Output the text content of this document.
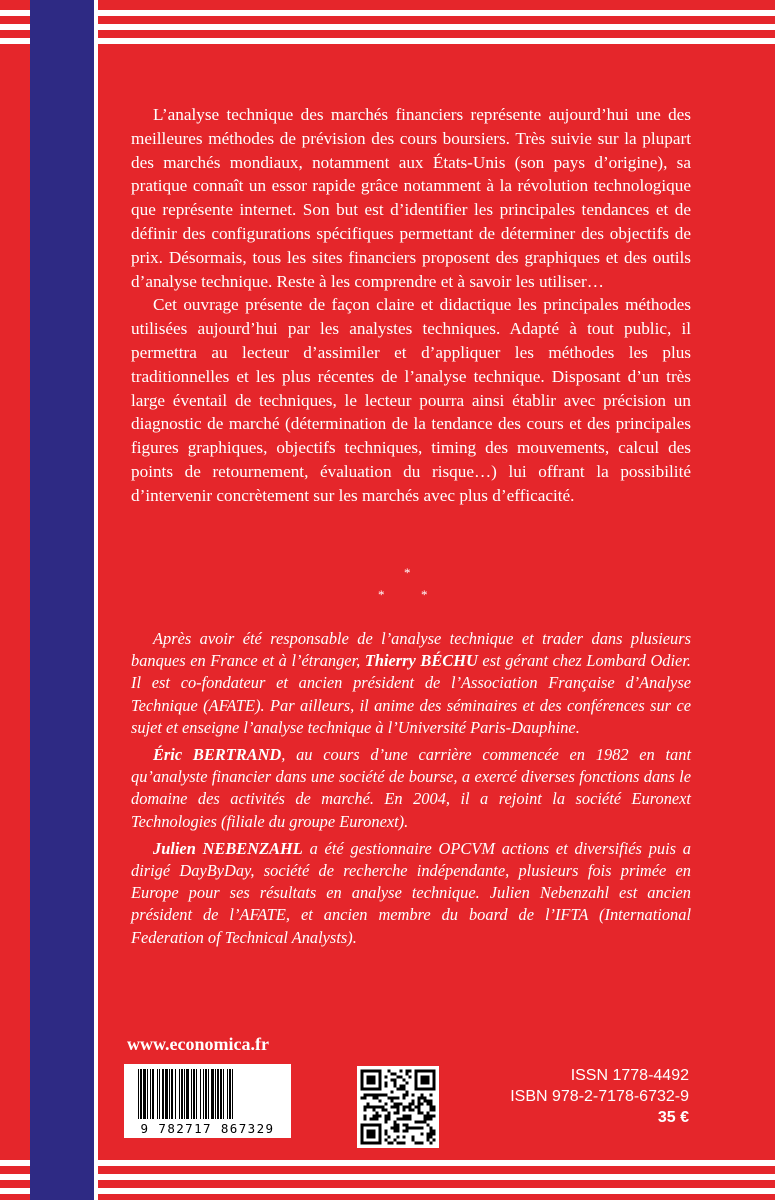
L’analyse technique des marchés financiers représente aujourd’hui une des meilleures méthodes de prévision des cours boursiers. Très suivie sur la plupart des marchés mondiaux, notamment aux États-Unis (son pays d’origine), sa pratique connaît un essor rapide grâce notamment à la révolution technologique que représente internet. Son but est d’identifier les principales tendances et de définir des configurations spécifiques permettant de déterminer des objectifs de prix. Désormais, tous les sites financiers proposent des graphiques et des outils d’analyse technique. Reste à les comprendre et à savoir les utiliser…

Cet ouvrage présente de façon claire et didactique les principales méthodes utilisées aujourd’hui par les analystes techniques. Adapté à tout public, il permettra au lecteur d’assimiler et d’appliquer les méthodes les plus traditionnelles et les plus récentes de l’analyse technique. Disposant d’un très large éventail de techniques, le lecteur pourra ainsi établir avec précision un diagnostic de marché (détermination de la tendance des cours et des principales figures graphiques, objectifs techniques, timing des mouvements, calcul des points de retournement, évaluation du risque…) lui offrant la possibilité d’intervenir concrètement sur les marchés avec plus d’efficacité.

*
*	*

Après avoir été responsable de l’analyse technique et trader dans plusieurs banques en France et à l’étranger, Thierry BÉCHU est gérant chez Lombard Odier. Il est co-fondateur et ancien président de l’Association Française d’Analyse Technique (AFATE). Par ailleurs, il anime des séminaires et des conférences sur ce sujet et enseigne l’analyse technique à l’Université Paris-Dauphine.

Éric BERTRAND, au cours d’une carrière commencée en 1982 en tant qu’analyste financier dans une société de bourse, a exercé diverses fonctions dans le domaine des activités de marché. En 2004, il a rejoint la société Euronext Technologies (filiale du groupe Euronext).

Julien NEBENZAHL a été gestionnaire OPCVM actions et diversifiés puis a dirigé DayByDay, société de recherche indépendante, plusieurs fois primée en Europe pour ses résultats en analyse technique. Julien Nebenzahl est ancien président de l’AFATE, et ancien membre du board de l’IFTA (International Federation of Technical Analysts).

www.economica.fr
9 782717 867329
ISSN 1778-4492
ISBN 978-2-7178-6732-9
35 €
